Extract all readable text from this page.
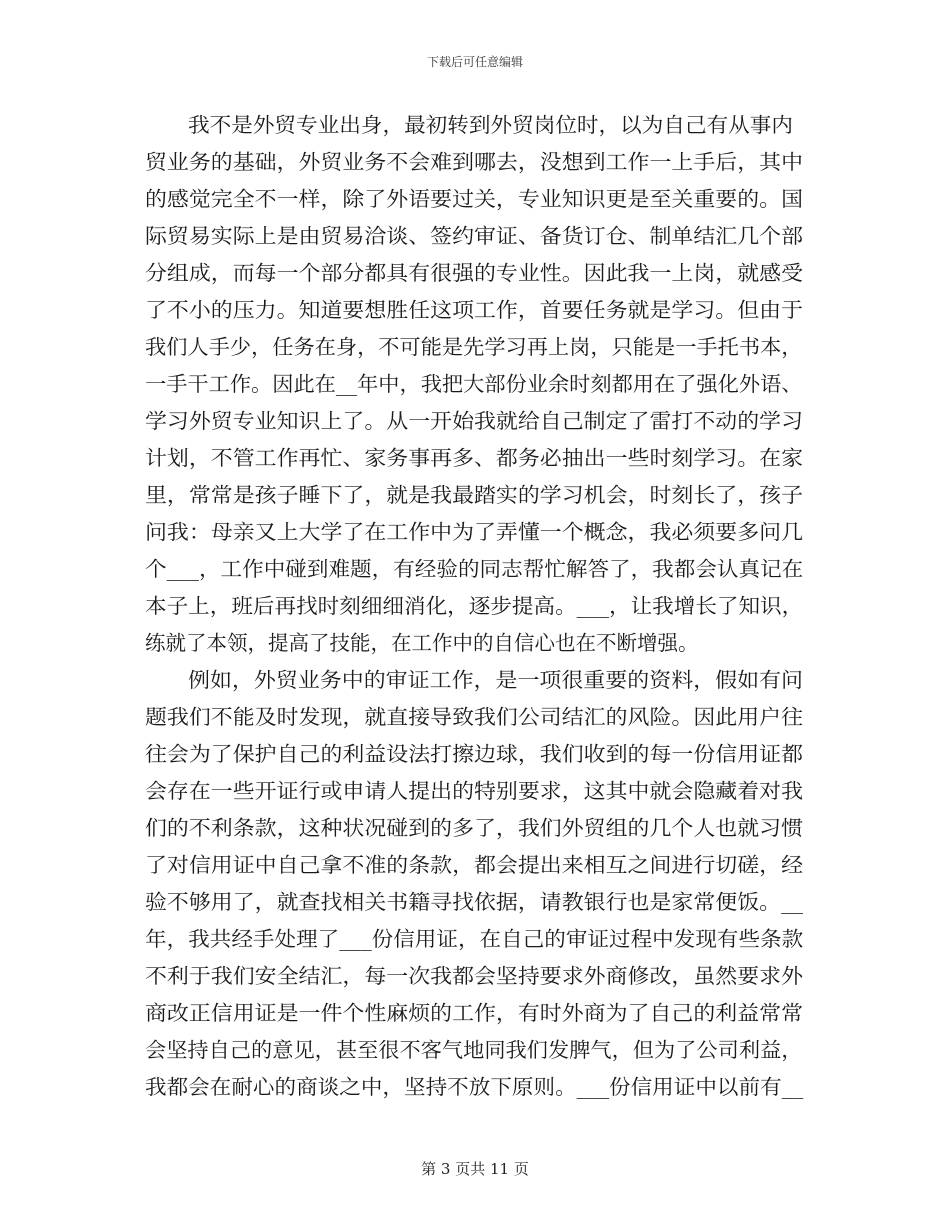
下载后可任意编辑
我不是外贸专业出身，最初转到外贸岗位时，以为自己有从事内
贸业务的基础，外贸业务不会难到哪去，没想到工作一上手后，其中
的感觉完全不一样，除了外语要过关，专业知识更是至关重要的。国
际贸易实际上是由贸易洽谈、签约审证、备货订仓、制单结汇几个部
分组成，而每一个部分都具有很强的专业性。因此我一上岗，就感受
了不小的压力。知道要想胜任这项工作，首要任务就是学习。但由于
我们人手少，任务在身，不可能是先学习再上岗，只能是一手托书本，
一手干工作。因此在__年中，我把大部份业余时刻都用在了强化外语、
学习外贸专业知识上了。从一开始我就给自己制定了雷打不动的学习
计划，不管工作再忙、家务事再多、都务必抽出一些时刻学习。在家
里，常常是孩子睡下了，就是我最踏实的学习机会，时刻长了，孩子
问我：母亲又上大学了在工作中为了弄懂一个概念，我必须要多问几
个___，工作中碰到难题，有经验的同志帮忙解答了，我都会认真记在
本子上，班后再找时刻细细消化，逐步提高。___，让我增长了知识，
练就了本领，提高了技能，在工作中的自信心也在不断增强。
例如，外贸业务中的审证工作，是一项很重要的资料，假如有问
题我们不能及时发现，就直接导致我们公司结汇的风险。因此用户往
往会为了保护自己的利益设法打擦边球，我们收到的每一份信用证都
会存在一些开证行或申请人提出的特别要求，这其中就会隐藏着对我
们的不利条款，这种状况碰到的多了，我们外贸组的几个人也就习惯
了对信用证中自己拿不准的条款，都会提出来相互之间进行切磋，经
验不够用了，就查找相关书籍寻找依据，请教银行也是家常便饭。__
年，我共经手处理了___份信用证，在自己的审证过程中发现有些条款
不利于我们安全结汇，每一次我都会坚持要求外商修改，虽然要求外
商改正信用证是一件个性麻烦的工作，有时外商为了自己的利益常常
会坚持自己的意见，甚至很不客气地同我们发脾气，但为了公司利益，
我都会在耐心的商谈之中，坚持不放下原则。___份信用证中以前有__
第 3 页共 11 页
